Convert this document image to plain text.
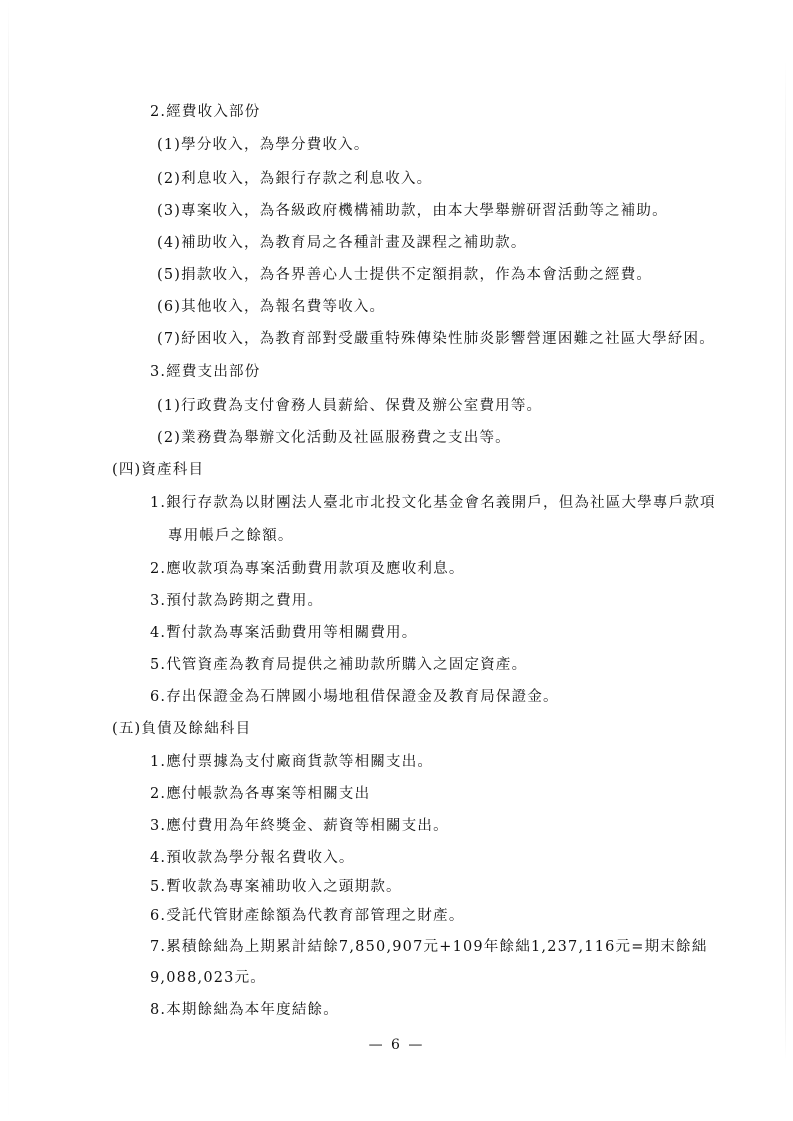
2.經費收入部份
(1)學分收入，為學分費收入。
(2)利息收入，為銀行存款之利息收入。
(3)專案收入，為各級政府機構補助款，由本大學舉辦研習活動等之補助。
(4)補助收入，為教育局之各種計畫及課程之補助款。
(5)捐款收入，為各界善心人士提供不定額捐款，作為本會活動之經費。
(6)其他收入，為報名費等收入。
(7)紓困收入，為教育部對受嚴重特殊傳染性肺炎影響營運困難之社區大學紓困。
3.經費支出部份
(1)行政費為支付會務人員薪給、保費及辦公室費用等。
(2)業務費為舉辦文化活動及社區服務費之支出等。
(四)資產科目
1.銀行存款為以財團法人臺北市北投文化基金會名義開戶，但為社區大學專戶款項
專用帳戶之餘額。
2.應收款項為專案活動費用款項及應收利息。
3.預付款為跨期之費用。
4.暫付款為專案活動費用等相關費用。
5.代管資產為教育局提供之補助款所購入之固定資產。
6.存出保證金為石牌國小場地租借保證金及教育局保證金。
(五)負債及餘絀科目
1.應付票據為支付廠商貨款等相關支出。
2.應付帳款為各專案等相關支出
3.應付費用為年終獎金、薪資等相關支出。
4.預收款為學分報名費收入。
5.暫收款為專案補助收入之頭期款。
6.受託代管財產餘額為代教育部管理之財產。
7.累積餘絀為上期累計結餘7,850,907元+109年餘絀1,237,116元=期末餘絀
9,088,023元。
8.本期餘絀為本年度結餘。
— 6 —
